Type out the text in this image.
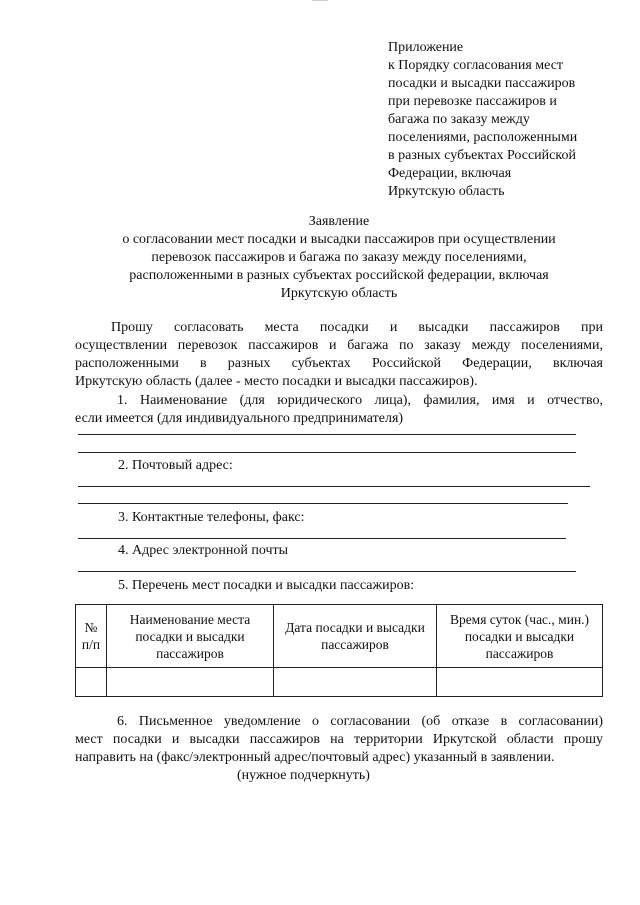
Приложение
к Порядку согласования мест
посадки и высадки пассажиров
при перевозке пассажиров и
багажа по заказу между
поселениями, расположенными
в разных субъектах Российской
Федерации, включая
Иркутскую область
Заявление
о согласовании мест посадки и высадки пассажиров при осуществлении
перевозок пассажиров и багажа по заказу между поселениями,
расположенными в разных субъектах российской федерации, включая
Иркутскую область
Прошу согласовать места посадки и высадки пассажиров при
осуществлении перевозок пассажиров и багажа по заказу между поселениями,
расположенными в разных субъектах Российской Федерации, включая
Иркутскую область (далее - место посадки и высадки пассажиров).
1. Наименование (для юридического лица), фамилия, имя и отчество,
если имеется (для индивидуального предпринимателя)
2. Почтовый адрес:
3. Контактные телефоны, факс:
4. Адрес электронной почты
5. Перечень мест посадки и высадки пассажиров:
№ п/п	Наименование места посадки и высадки пассажиров	Дата посадки и высадки пассажиров	Время суток (час., мин.) посадки и высадки пассажиров

6. Письменное уведомление о согласовании (об отказе в согласовании)
мест посадки и высадки пассажиров на территории Иркутской области прошу
направить на (факс/электронный адрес/почтовый адрес) указанный в заявлении.
(нужное подчеркнуть)
